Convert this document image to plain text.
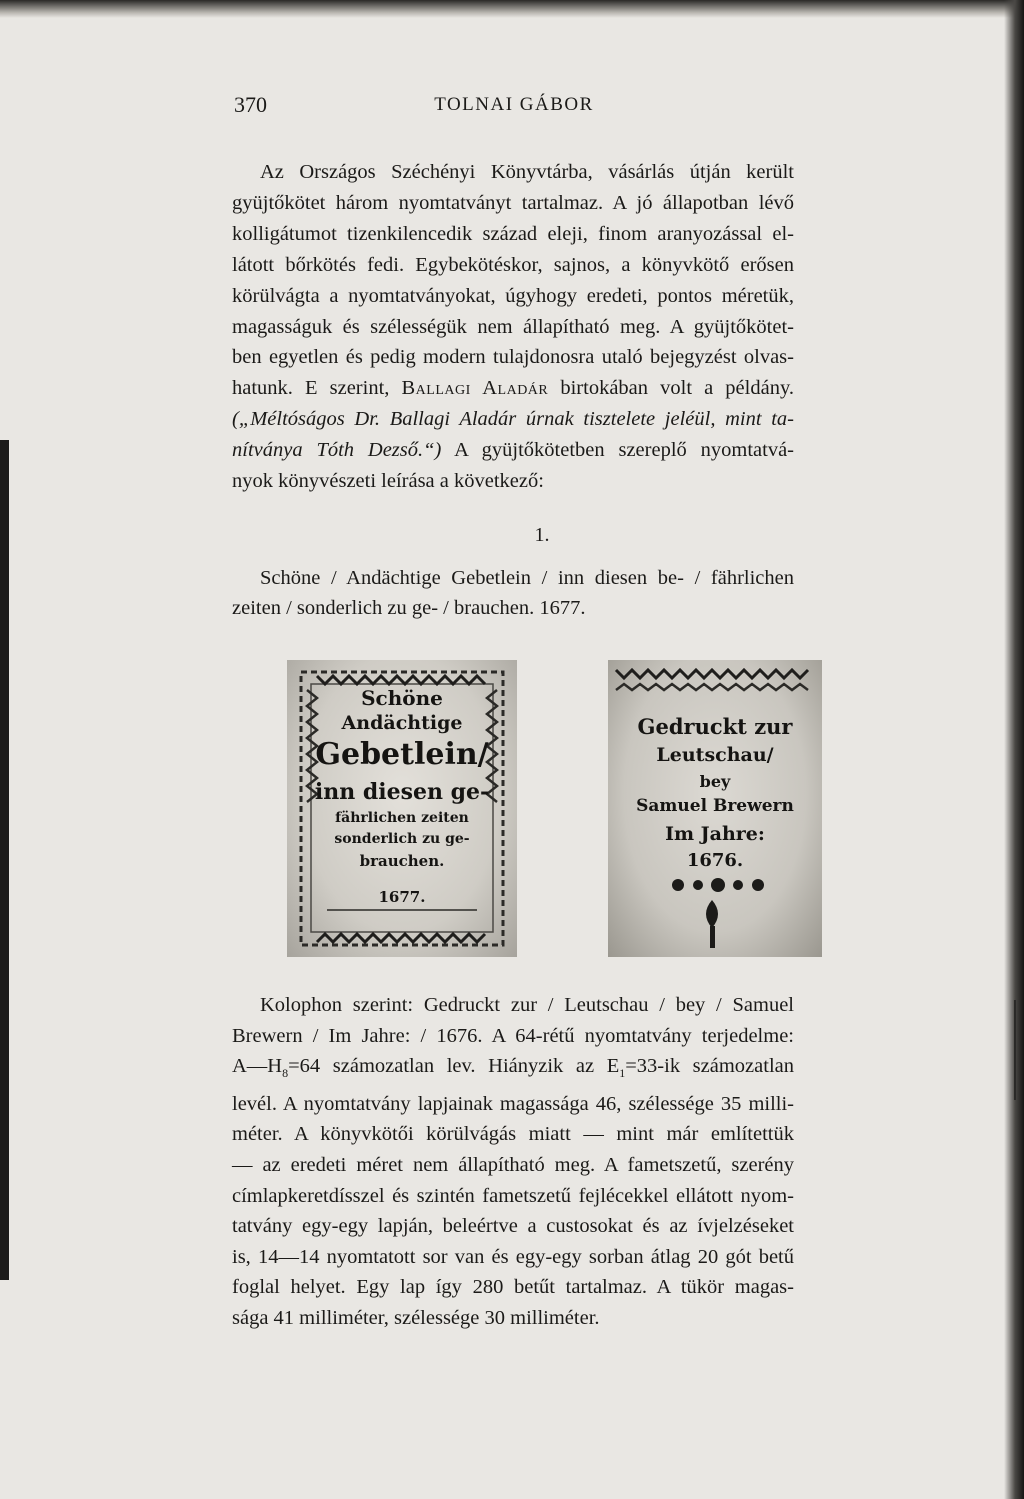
370	TOLNAI GÁBOR

Az Országos Széchényi Könyvtárba, vásárlás útján került
gyüjtőkötet három nyomtatványt tartalmaz. A jó állapotban lévő
kolligátumot tizenkilencedik század eleji, finom aranyozással el-
látott bőrkötés fedi. Egybekötéskor, sajnos, a könyvkötő erősen
körülvágta a nyomtatványokat, úgyhogy eredeti, pontos méretük,
magasságuk és szélességük nem állapítható meg. A gyüjtőkötet-
ben egyetlen és pedig modern tulajdonosra utaló bejegyzést olvas-
hatunk. E szerint, Ballagi Aladár birtokában volt a példány.
(„Méltóságos Dr. Ballagi Aladár úrnak tisztelete jeléül, mint ta-
nítványa Tóth Dezső.“) A gyüjtőkötetben szereplő nyomtatvá-
nyok könyvészeti leírása a következő:

1.

Schöne / Andächtige Gebetlein / inn diesen be- / fährlichen
zeiten / sonderlich zu ge- / brauchen. 1677.

Schöne
Andächtige
Gebetlein/
inn diesen ge-
fährlichen zeiten
sonderlich zu ge-
brauchen.
1677.
Gedruckt zur
Leutschau/
bey
Samuel Brewern
Im Jahre:
1676.

Kolophon szerint: Gedruckt zur / Leutschau / bey / Samuel
Brewern / Im Jahre: / 1676. A 64-rétű nyomtatvány terjedelme:
$A—H_8=64$ számozatlan lev. Hiányzik az $E_1=33-ik$ számozatlan
levél. A nyomtatvány lapjainak magassága 46, szélessége 35 milli-
méter. A könyvkötői körülvágás miatt — mint már említettük
— az eredeti méret nem állapítható meg. A fametszetű, szerény
címlapkeretdísszel és szintén fametszetű fejlécekkel ellátott nyom-
tatvány egy-egy lapján, beleértve a custosokat és az ívjelzéseket
is, 14—14 nyomtatott sor van és egy-egy sorban átlag 20 gót betű
foglal helyet. Egy lap így 280 betűt tartalmaz. A tükör magas-
sága 41 milliméter, szélessége 30 milliméter.
